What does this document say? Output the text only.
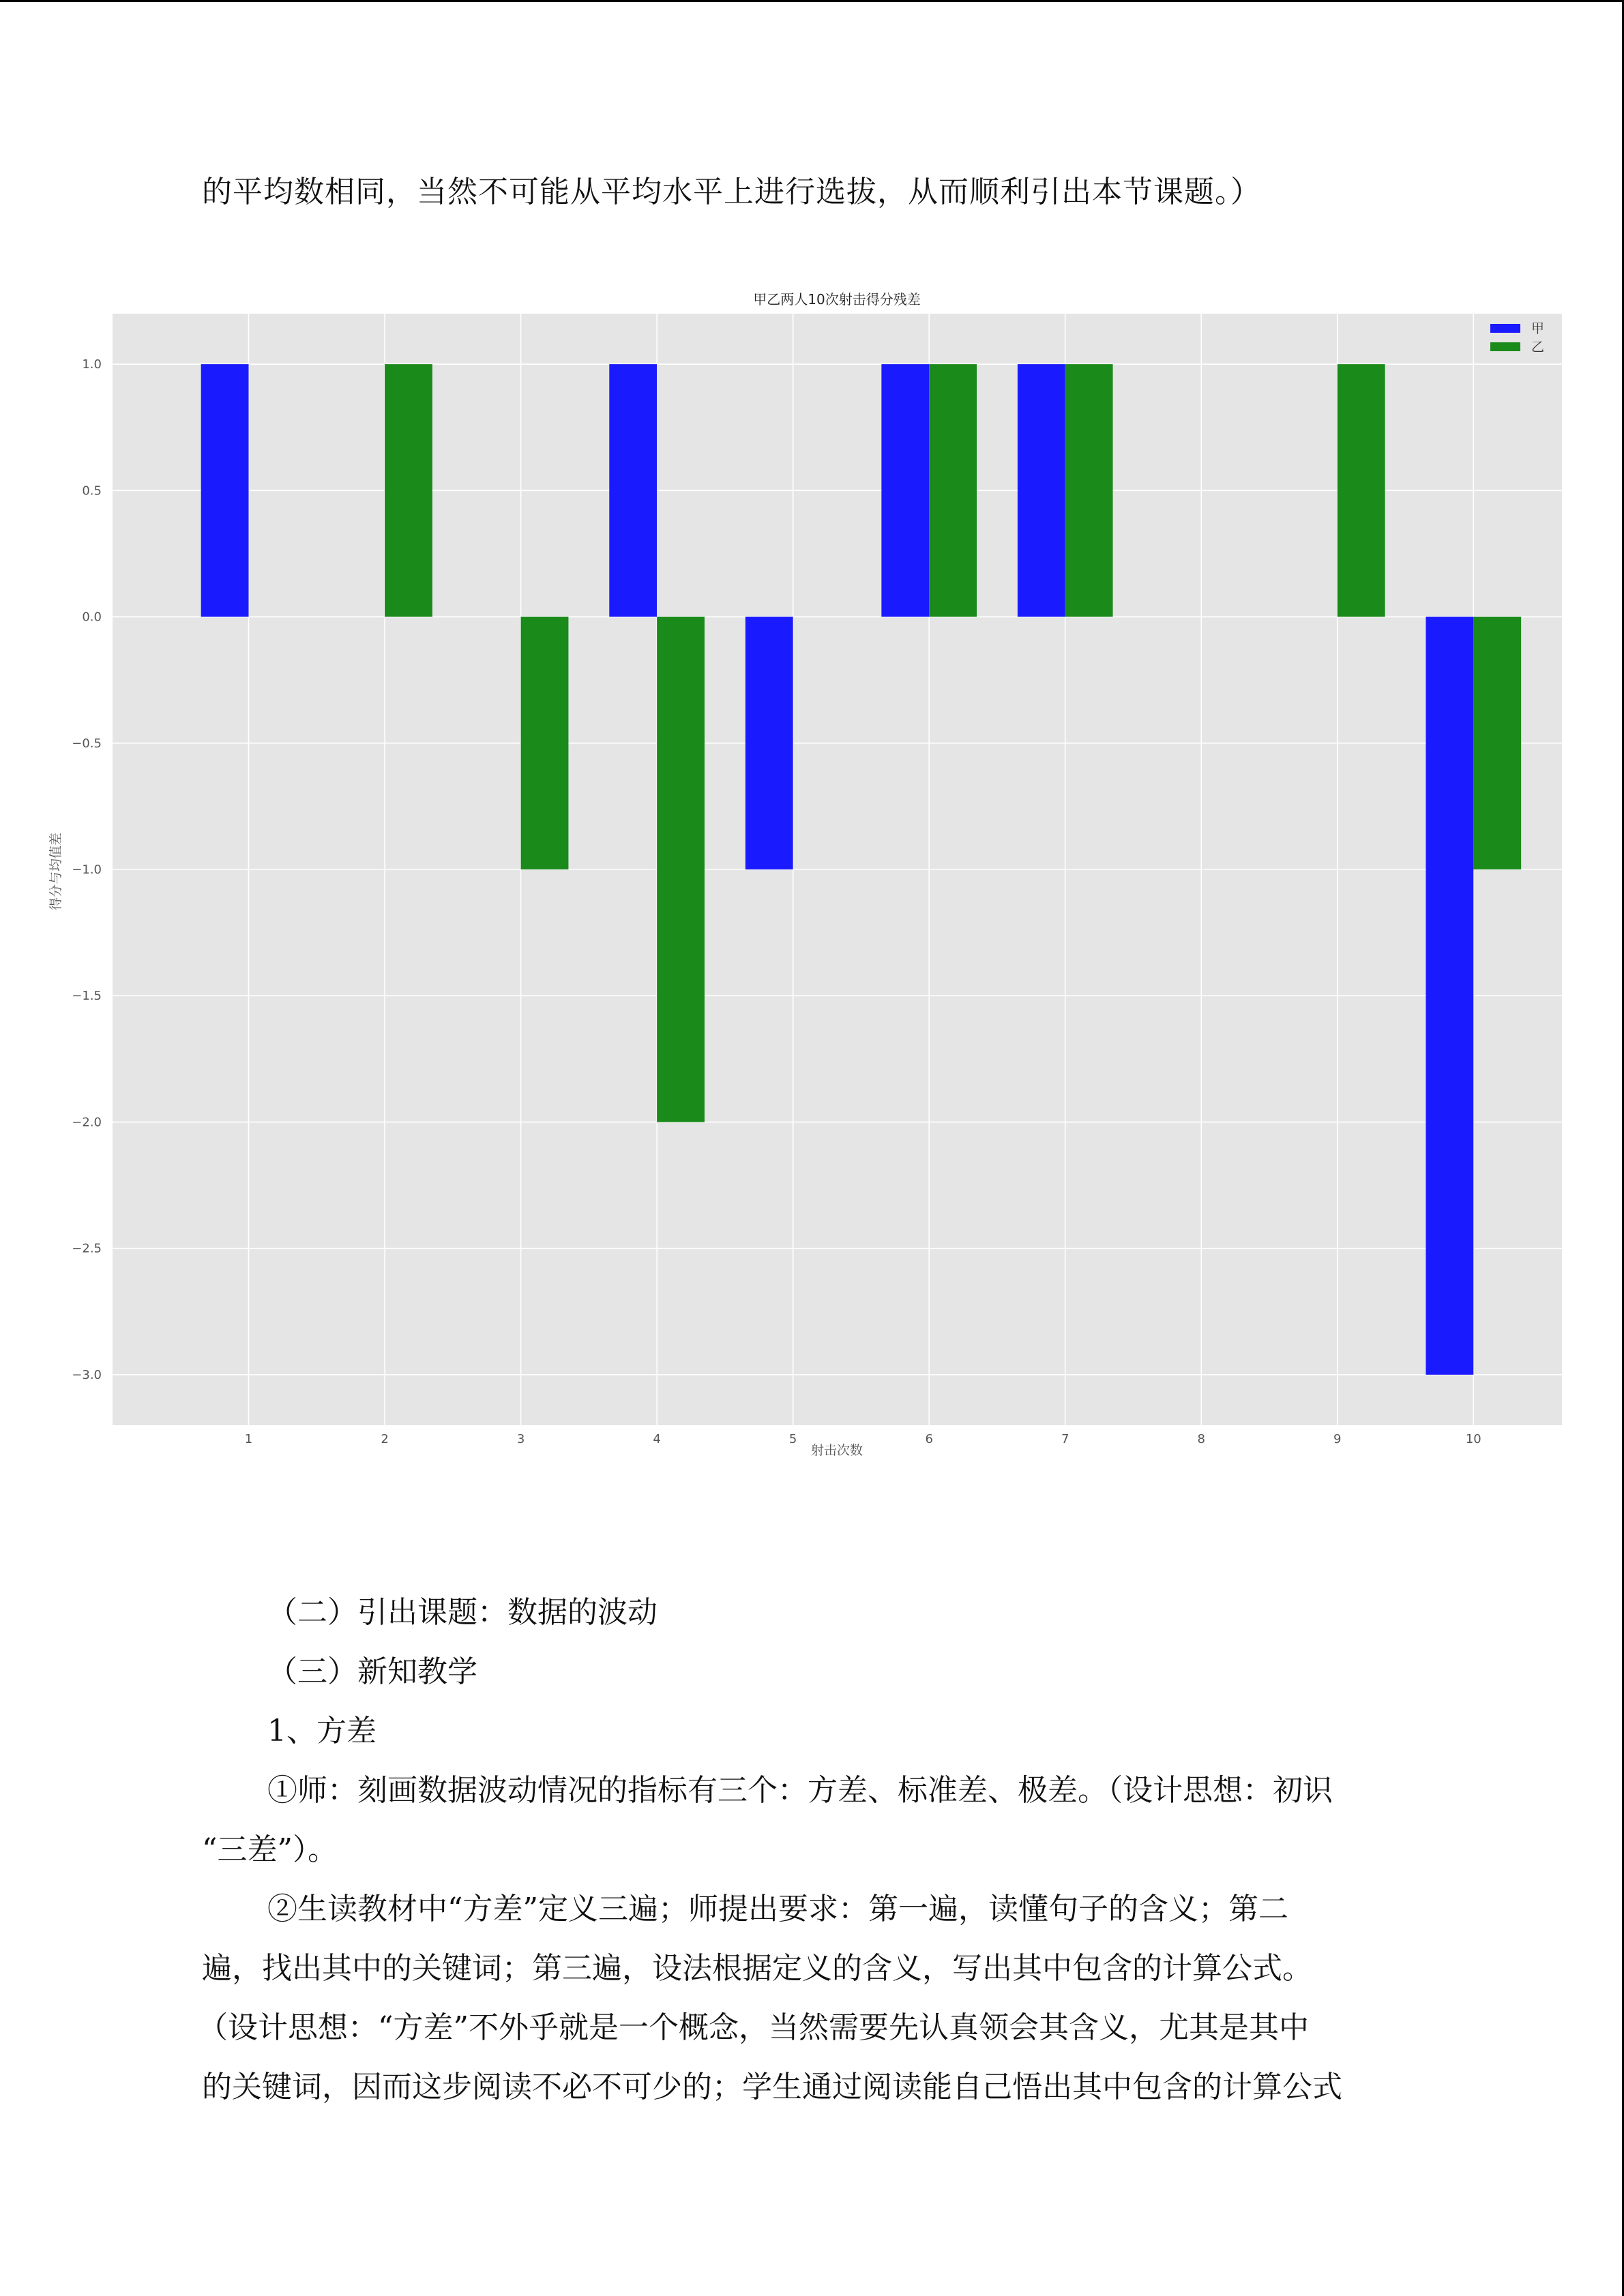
的平均数相同，当然不可能从平均水平上进行选拔，从而顺利引出本节课题。）
1.0
0.5
0.0
−0.5
−1.0
−1.5
−2.0
−2.5
−3.0
1	2	3	4	5	6	7	8	9	10
甲乙两人10次射击得分残差
射击次数
得分与均值差
甲
乙
（二）引出课题：数据的波动
（三）新知教学
1、方差
①师：刻画数据波动情况的指标有三个：方差、标准差、极差。（设计思想：初识
“三差”）。
②生读教材中“方差”定义三遍；师提出要求：第一遍，读懂句子的含义；第二
遍，找出其中的关键词；第三遍，设法根据定义的含义，写出其中包含的计算公式。
（设计思想：“方差”不外乎就是一个概念，当然需要先认真领会其含义，尤其是其中
的关键词，因而这步阅读不必不可少的；学生通过阅读能自己悟出其中包含的计算公式
